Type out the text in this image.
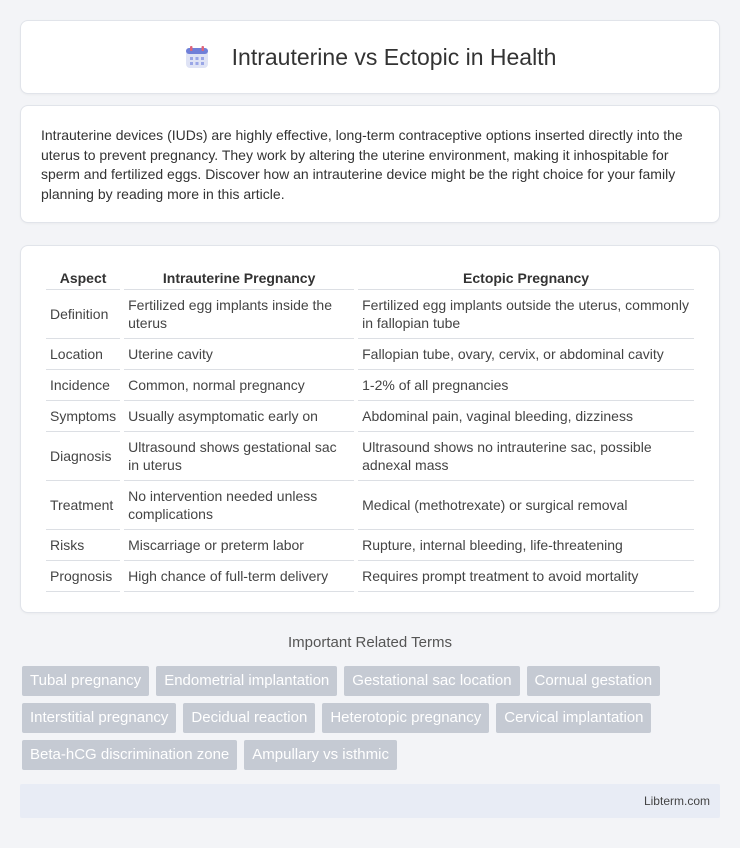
Intrauterine vs Ectopic in Health

Intrauterine devices (IUDs) are highly effective, long-term contraceptive options inserted directly into the uterus to prevent pregnancy. They work by altering the uterine environment, making it inhospitable for sperm and fertilized eggs. Discover how an intrauterine device might be the right choice for your family planning by reading more in this article.

Aspect	Intrauterine Pregnancy	Ectopic Pregnancy
Definition	Fertilized egg implants inside the uterus	Fertilized egg implants outside the uterus, commonly in fallopian tube
Location	Uterine cavity	Fallopian tube, ovary, cervix, or abdominal cavity
Incidence	Common, normal pregnancy	1-2% of all pregnancies
Symptoms	Usually asymptomatic early on	Abdominal pain, vaginal bleeding, dizziness
Diagnosis	Ultrasound shows gestational sac in uterus	Ultrasound shows no intrauterine sac, possible adnexal mass
Treatment	No intervention needed unless complications	Medical (methotrexate) or surgical removal
Risks	Miscarriage or preterm labor	Rupture, internal bleeding, life-threatening
Prognosis	High chance of full-term delivery	Requires prompt treatment to avoid mortality
Important Related Terms
Tubal pregnancy	Endometrial implantation	Gestational sac location	Cornual gestation
Interstitial pregnancy	Decidual reaction	Heterotopic pregnancy	Cervical implantation
Beta-hCG discrimination zone	Ampullary vs isthmic
Libterm.com
